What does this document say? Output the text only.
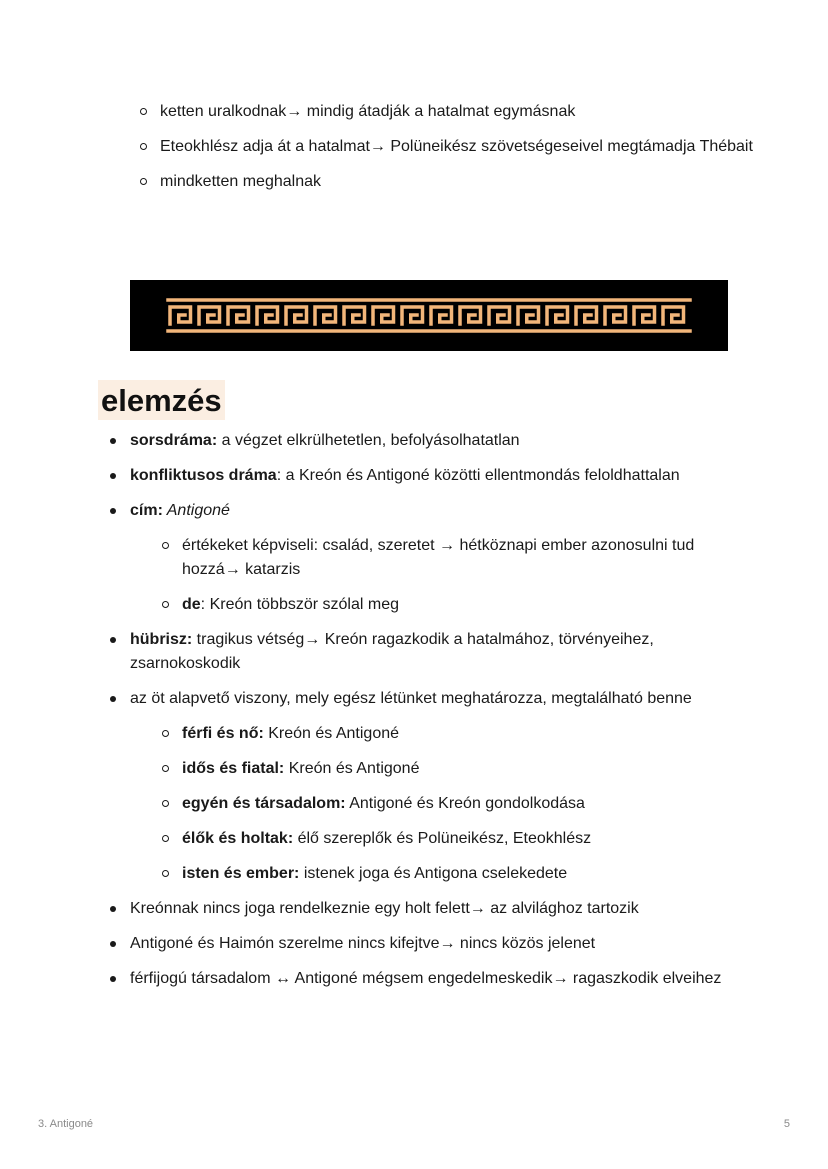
ketten uralkodnak→ mindig átadják a hatalmat egymásnak
Eteokhlész adja át a hatalmat→ Polüneikész szövetségeseivel megtámadja Thébait
mindketten meghalnak
elemzés
sorsdráma: a végzet elkrülhetetlen, befolyásolhatatlan
konfliktusos dráma: a Kreón és Antigoné közötti ellentmondás feloldhattalan
cím: Antigoné
értékeket képviseli: család, szeretet → hétköznapi ember azonosulni tud hozzá→ katarzis
de: Kreón többször szólal meg
hübrisz: tragikus vétség→ Kreón ragazkodik a hatalmához, törvényeihez, zsarnokoskodik
az öt alapvető viszony, mely egész létünket meghatározza, megtalálható benne
férfi és nő: Kreón és Antigoné
idős és fiatal: Kreón és Antigoné
egyén és társadalom: Antigoné és Kreón gondolkodása
élők és holtak: élő szereplők és Polüneikész, Eteokhlész
isten és ember: istenek joga és Antigona cselekedete
Kreónnak nincs joga rendelkeznie egy holt felett→ az alvilághoz tartozik
Antigoné és Haimón szerelme nincs kifejtve→ nincs közös jelenet
férfijogú társadalom ↔ Antigoné mégsem engedelmeskedik→ ragaszkodik elveihez
3. Antigoné	5
